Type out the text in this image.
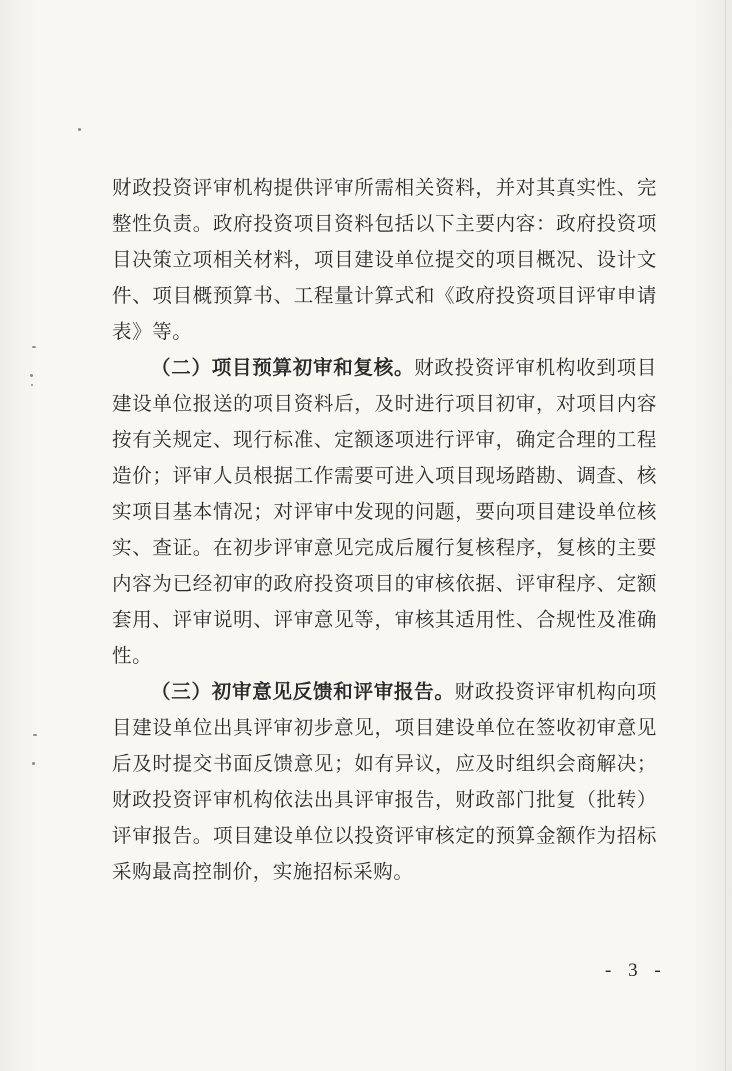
财政投资评审机构提供评审所需相关资料，并对其真实性、完整性负责。政府投资项目资料包括以下主要内容：政府投资项目决策立项相关材料，项目建设单位提交的项目概况、设计文件、项目概预算书、工程量计算式和《政府投资项目评审申请表》等。

（二）项目预算初审和复核。财政投资评审机构收到项目建设单位报送的项目资料后，及时进行项目初审，对项目内容按有关规定、现行标准、定额逐项进行评审，确定合理的工程造价；评审人员根据工作需要可进入项目现场踏勘、调查、核实项目基本情况；对评审中发现的问题，要向项目建设单位核实、查证。在初步评审意见完成后履行复核程序，复核的主要内容为已经初审的政府投资项目的审核依据、评审程序、定额套用、评审说明、评审意见等，审核其适用性、合规性及准确性。

（三）初审意见反馈和评审报告。财政投资评审机构向项目建设单位出具评审初步意见，项目建设单位在签收初审意见后及时提交书面反馈意见；如有异议，应及时组织会商解决；财政投资评审机构依法出具评审报告，财政部门批复（批转）评审报告。项目建设单位以投资评审核定的预算金额作为招标采购最高控制价，实施招标采购。

- 3 -
